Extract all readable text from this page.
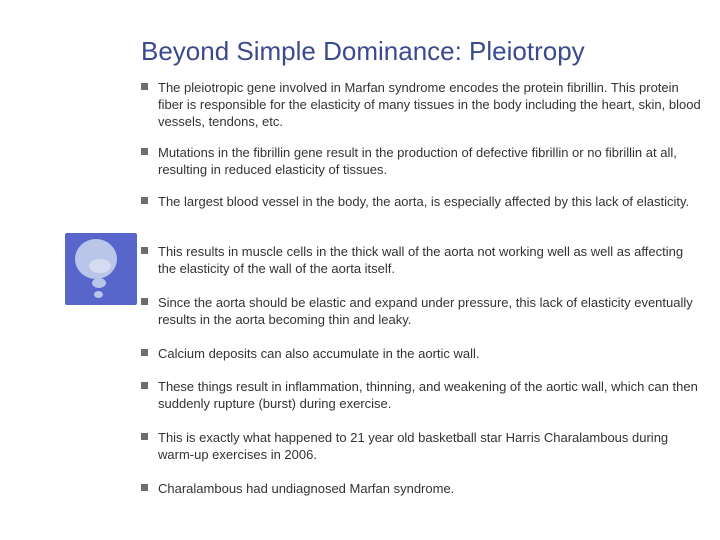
Beyond Simple Dominance: Pleiotropy
The pleiotropic gene involved in Marfan syndrome encodes the protein fibrillin. This protein fiber is responsible for the elasticity of many tissues in the body including the heart, skin, blood vessels, tendons, etc.
Mutations in the fibrillin gene result in the production of defective fibrillin or no fibrillin at all, resulting in reduced elasticity of tissues.
The largest blood vessel in the body, the aorta, is especially affected by this lack of elasticity.
This results in muscle cells in the thick wall of the aorta not working well as well as affecting the elasticity of the wall of the aorta itself.
Since the aorta should be elastic and expand under pressure, this lack of elasticity eventually results in the aorta becoming thin and leaky.
Calcium deposits can also accumulate in the aortic wall.
These things result in inflammation, thinning, and weakening of the aortic wall, which can then suddenly rupture (burst) during exercise.
This is exactly what happened to 21 year old basketball star Harris Charalambous during warm-up exercises in 2006.
Charalambous had undiagnosed Marfan syndrome.
